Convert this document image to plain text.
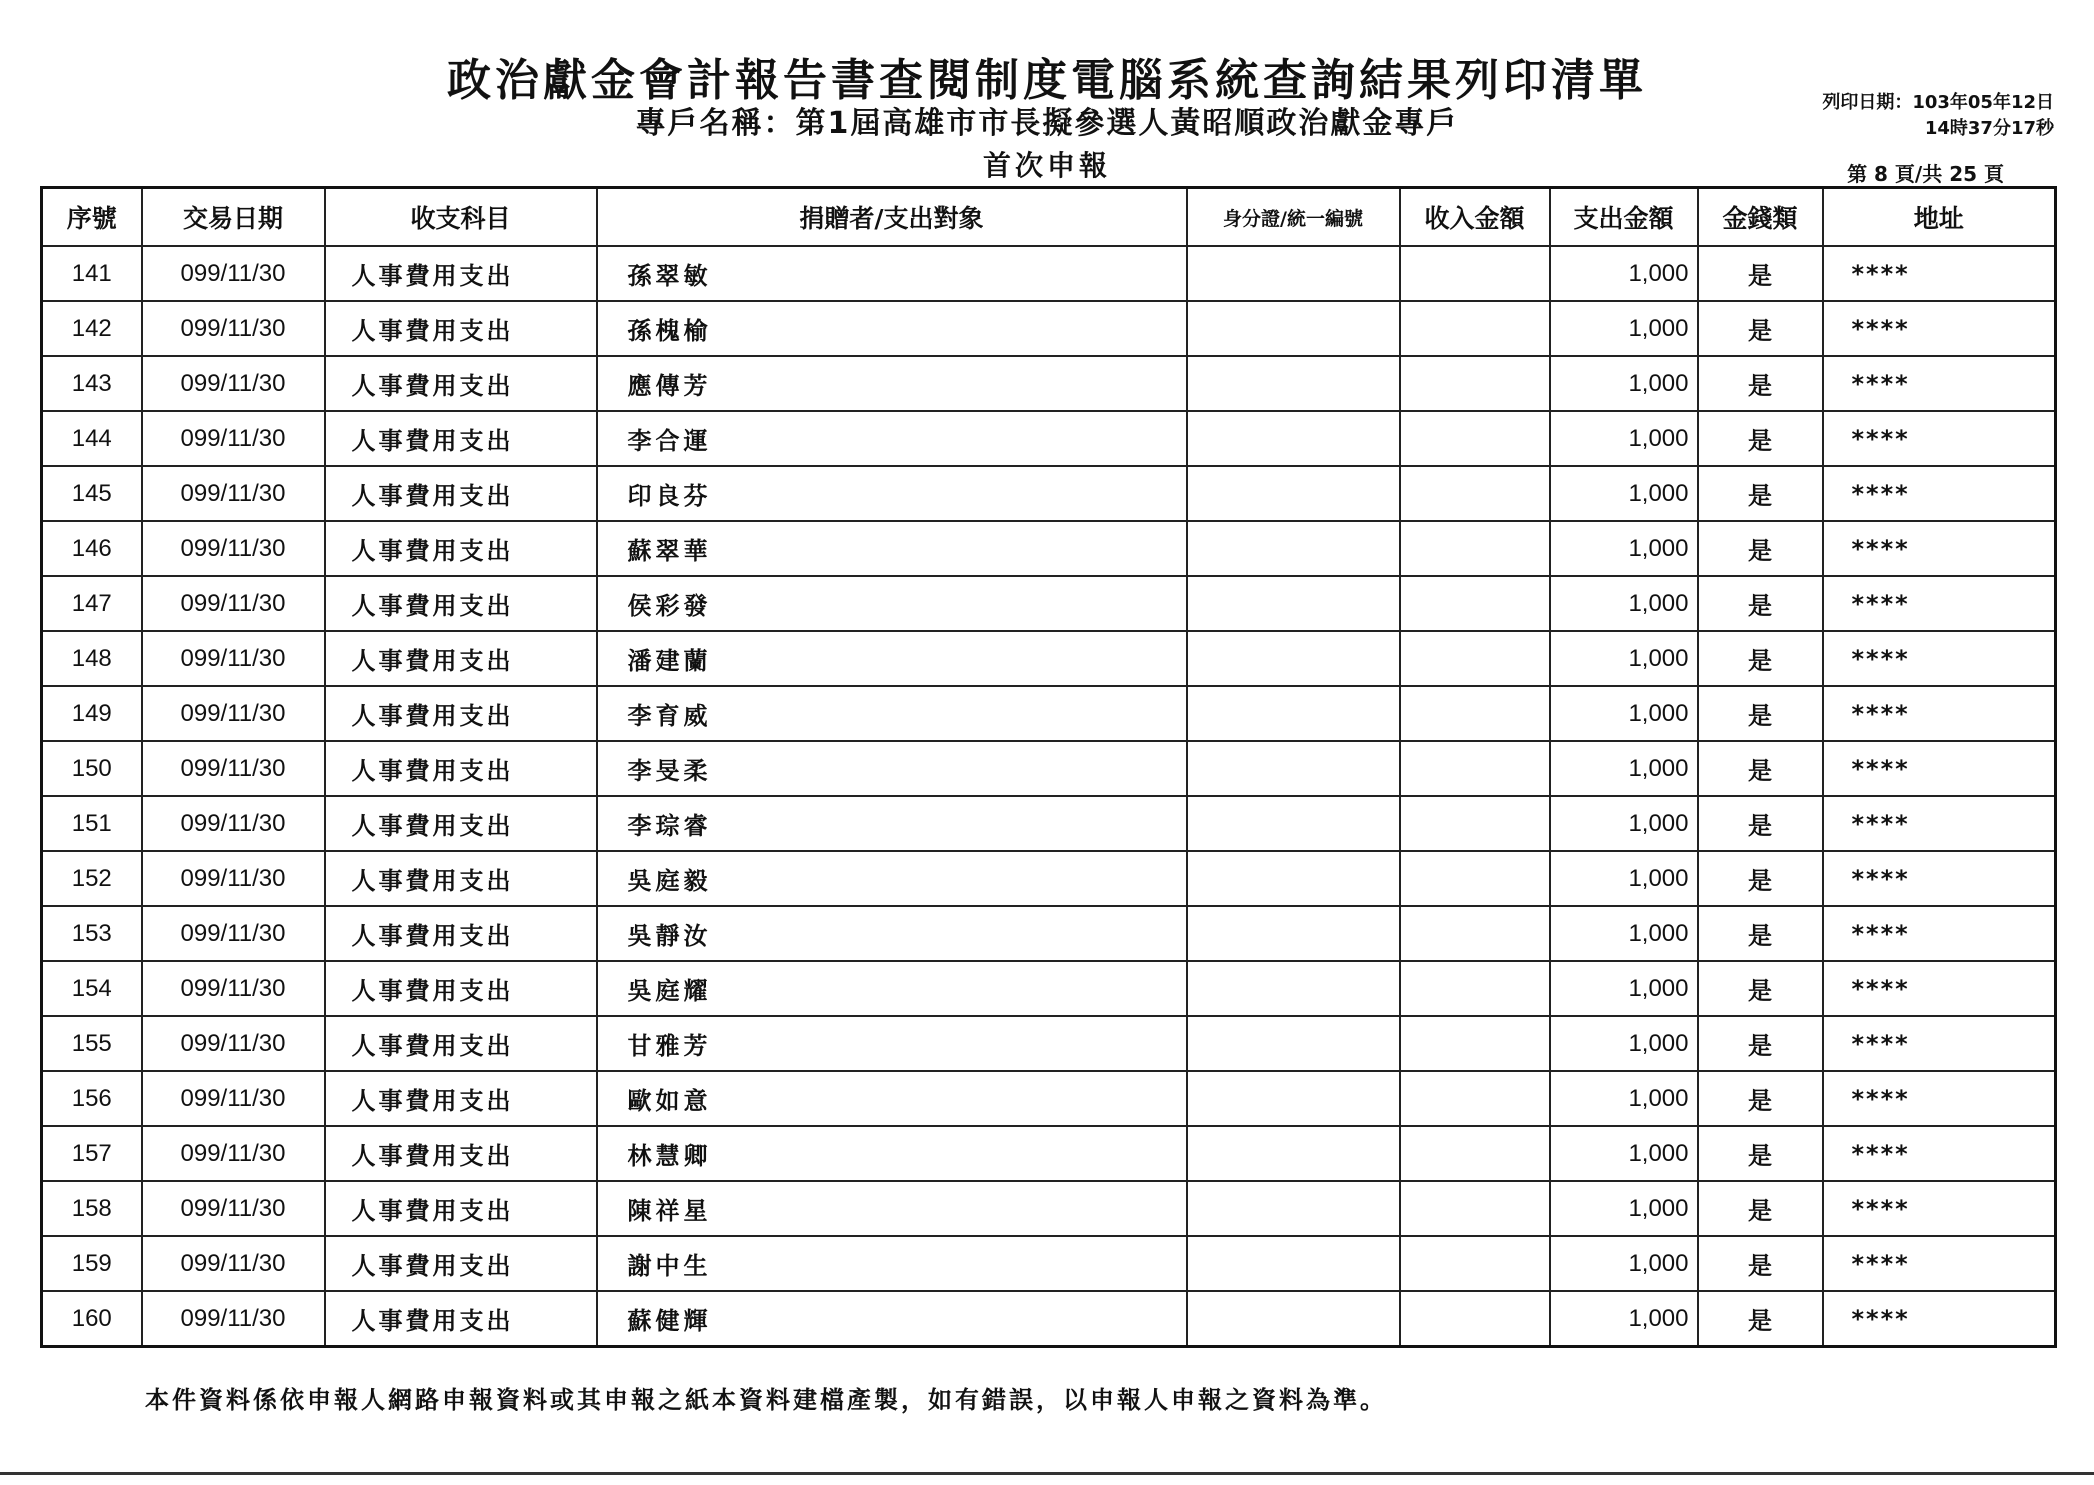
政治獻金會計報告書查閱制度電腦系統查詢結果列印清單
專戶名稱：第1屆高雄市市長擬參選人黃昭順政治獻金專戶
首次申報
列印日期：103年05年12日
14時37分17秒
第 8 頁/共 25 頁
序號	交易日期	收支科目	捐贈者/支出對象	身分證/統一編號	收入金額	支出金額	金錢類	地址
141	099/11/30	人事費用支出	孫翠敏			1,000	是	****
142	099/11/30	人事費用支出	孫槐榆			1,000	是	****
143	099/11/30	人事費用支出	應傳芳			1,000	是	****
144	099/11/30	人事費用支出	李合運			1,000	是	****
145	099/11/30	人事費用支出	印良芬			1,000	是	****
146	099/11/30	人事費用支出	蘇翠華			1,000	是	****
147	099/11/30	人事費用支出	侯彩發			1,000	是	****
148	099/11/30	人事費用支出	潘建蘭			1,000	是	****
149	099/11/30	人事費用支出	李育威			1,000	是	****
150	099/11/30	人事費用支出	李旻柔			1,000	是	****
151	099/11/30	人事費用支出	李琮睿			1,000	是	****
152	099/11/30	人事費用支出	吳庭毅			1,000	是	****
153	099/11/30	人事費用支出	吳靜汝			1,000	是	****
154	099/11/30	人事費用支出	吳庭耀			1,000	是	****
155	099/11/30	人事費用支出	甘雅芳			1,000	是	****
156	099/11/30	人事費用支出	歐如意			1,000	是	****
157	099/11/30	人事費用支出	林慧卿			1,000	是	****
158	099/11/30	人事費用支出	陳祥星			1,000	是	****
159	099/11/30	人事費用支出	謝中生			1,000	是	****
160	099/11/30	人事費用支出	蘇健輝			1,000	是	****
本件資料係依申報人網路申報資料或其申報之紙本資料建檔產製，如有錯誤，以申報人申報之資料為準。
